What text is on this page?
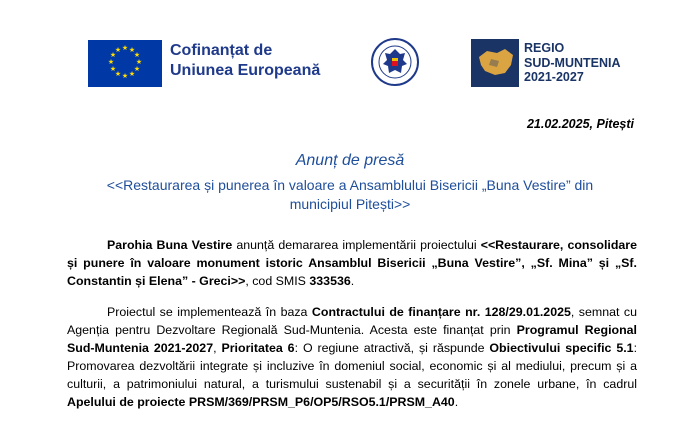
★ ★
★
★
★
★
★
★
★
★
★
★	Cofinanțat de
Uniunea Europeană
REGIO
SUD-MUNTENIA
2021-2027
21.02.2025, Pitești
Anunț de presă
<<Restaurarea și punerea în valoare a Ansamblului Bisericii „Buna Vestire” din municipiul Pitești>>

Parohia Buna Vestire anunță demararea implementării proiectului <<Restaurare, consolidare și punere în valoare monument istoric Ansamblul Bisericii „Buna Vestire”, „Sf. Mina” și „Sf. Constantin și Elena” - Greci>>, cod SMIS 333536.

Proiectul se implementează în baza Contractului de finanțare nr. 128/29.01.2025, semnat cu Agenția pentru Dezvoltare Regională Sud-Muntenia. Acesta este finanțat prin Programul Regional Sud-Muntenia 2021-2027, Prioritatea 6: O regiune atractivă, și răspunde Obiectivului specific 5.1: Promovarea dezvoltării integrate și incluzive în domeniul social, economic și al mediului, precum și a culturii, a patrimoniului natural, a turismului sustenabil și a securității în zonele urbane, în cadrul Apelului de proiecte PRSM/369/PRSM_P6/OP5/RSO5.1/PRSM_A40.
